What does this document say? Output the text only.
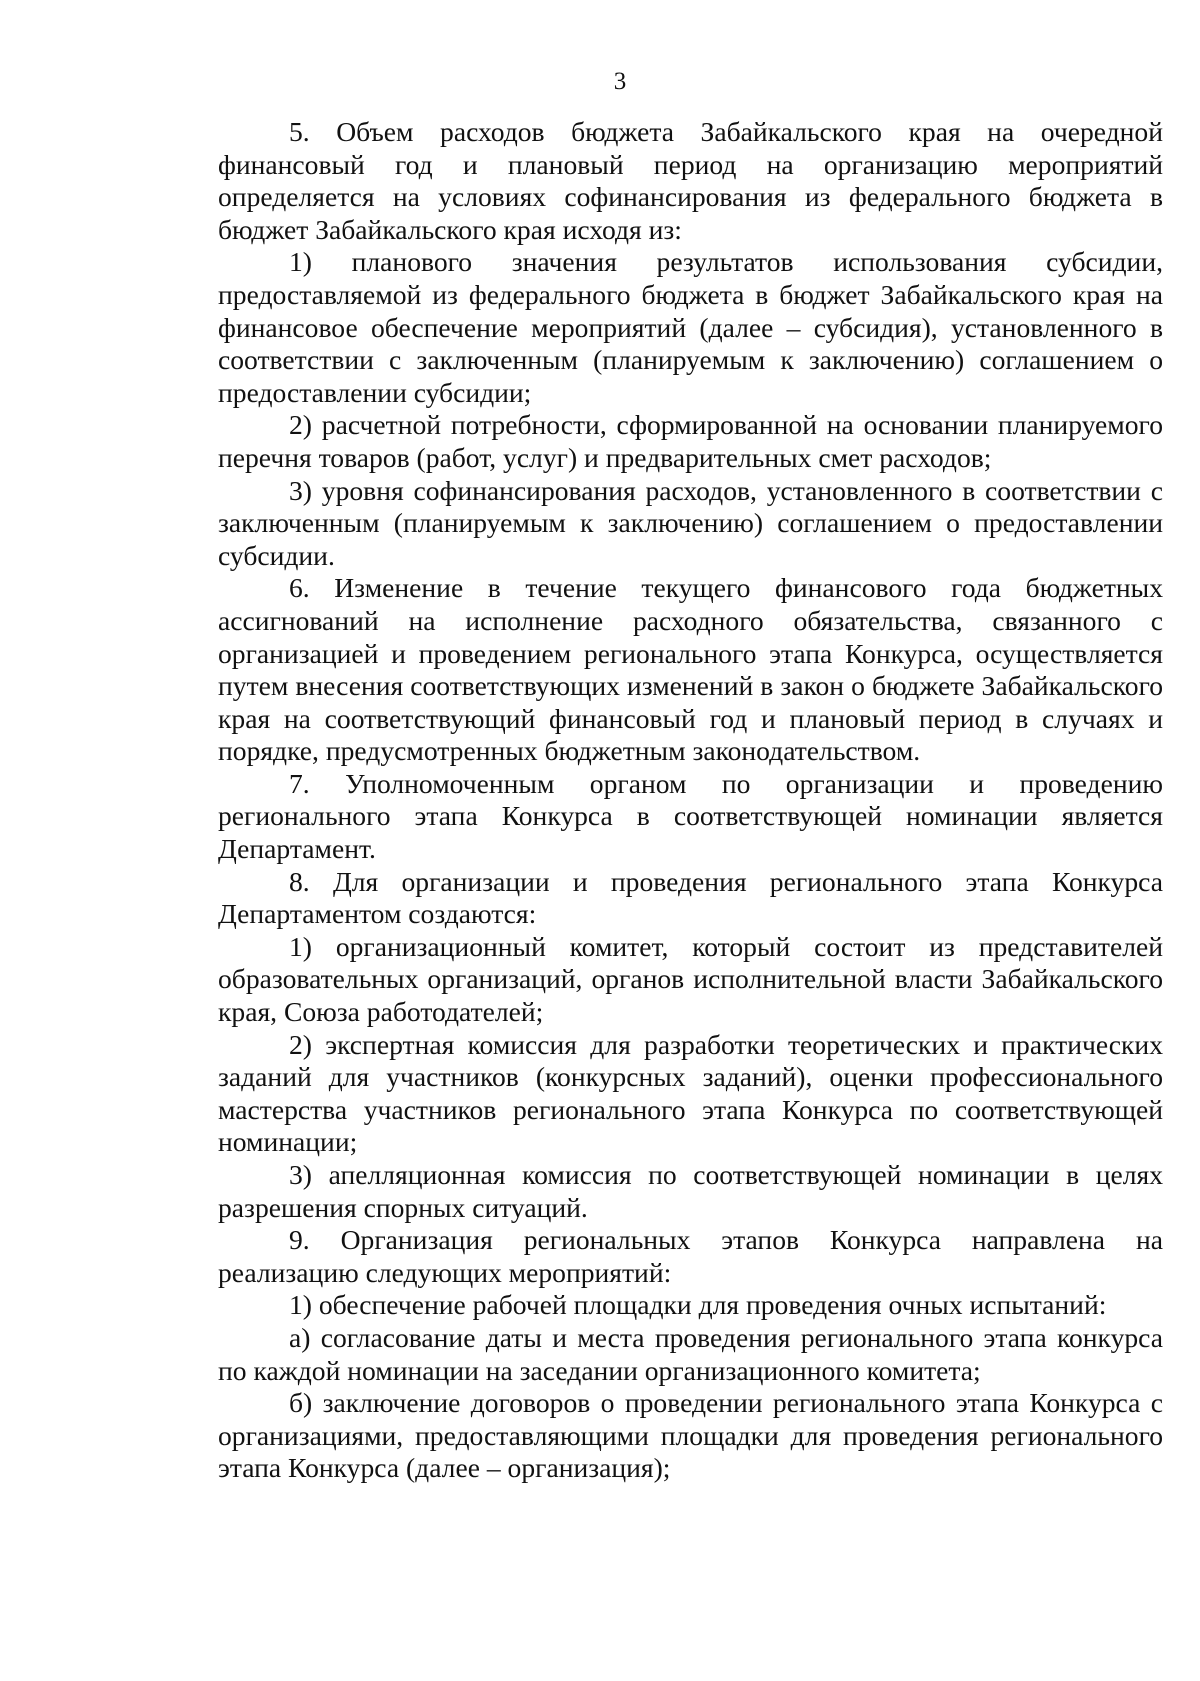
3

5. Объем расходов бюджета Забайкальского края на очередной финансовый год и плановый период на организацию мероприятий определяется на условиях софинансирования из федерального бюджета в бюджет Забайкальского края исходя из:

1) планового значения результатов использования субсидии, предоставляемой из федерального бюджета в бюджет Забайкальского края на финансовое обеспечение мероприятий (далее – субсидия), установленного в соответствии с заключенным (планируемым к заключению) соглашением о предоставлении субсидии;

2) расчетной потребности, сформированной на основании планируемого перечня товаров (работ, услуг) и предварительных смет расходов;

3) уровня софинансирования расходов, установленного в соответствии с заключенным (планируемым к заключению) соглашением о предоставлении субсидии.

6. Изменение в течение текущего финансового года бюджетных ассигнований на исполнение расходного обязательства, связанного с организацией и проведением регионального этапа Конкурса, осуществляется путем внесения соответствующих изменений в закон о бюджете Забайкальского края на соответствующий финансовый год и плановый период в случаях и порядке, предусмотренных бюджетным законодательством.

7. Уполномоченным органом по организации и проведению регионального этапа Конкурса в соответствующей номинации является Департамент.

8. Для организации и проведения регионального этапа Конкурса Департаментом создаются:

1) организационный комитет, который состоит из представителей образовательных организаций, органов исполнительной власти Забайкальского края, Союза работодателей;

2) экспертная комиссия для разработки теоретических и практических заданий для участников (конкурсных заданий), оценки профессионального мастерства участников регионального этапа Конкурса по соответствующей номинации;

3) апелляционная комиссия по соответствующей номинации в целях разрешения спорных ситуаций.

9. Организация региональных этапов Конкурса направлена на реализацию следующих мероприятий:

1) обеспечение рабочей площадки для проведения очных испытаний:

а) согласование даты и места проведения регионального этапа конкурса по каждой номинации на заседании организационного комитета;

б) заключение договоров о проведении регионального этапа Конкурса с организациями, предоставляющими площадки для проведения регионального этапа Конкурса (далее – организация);
